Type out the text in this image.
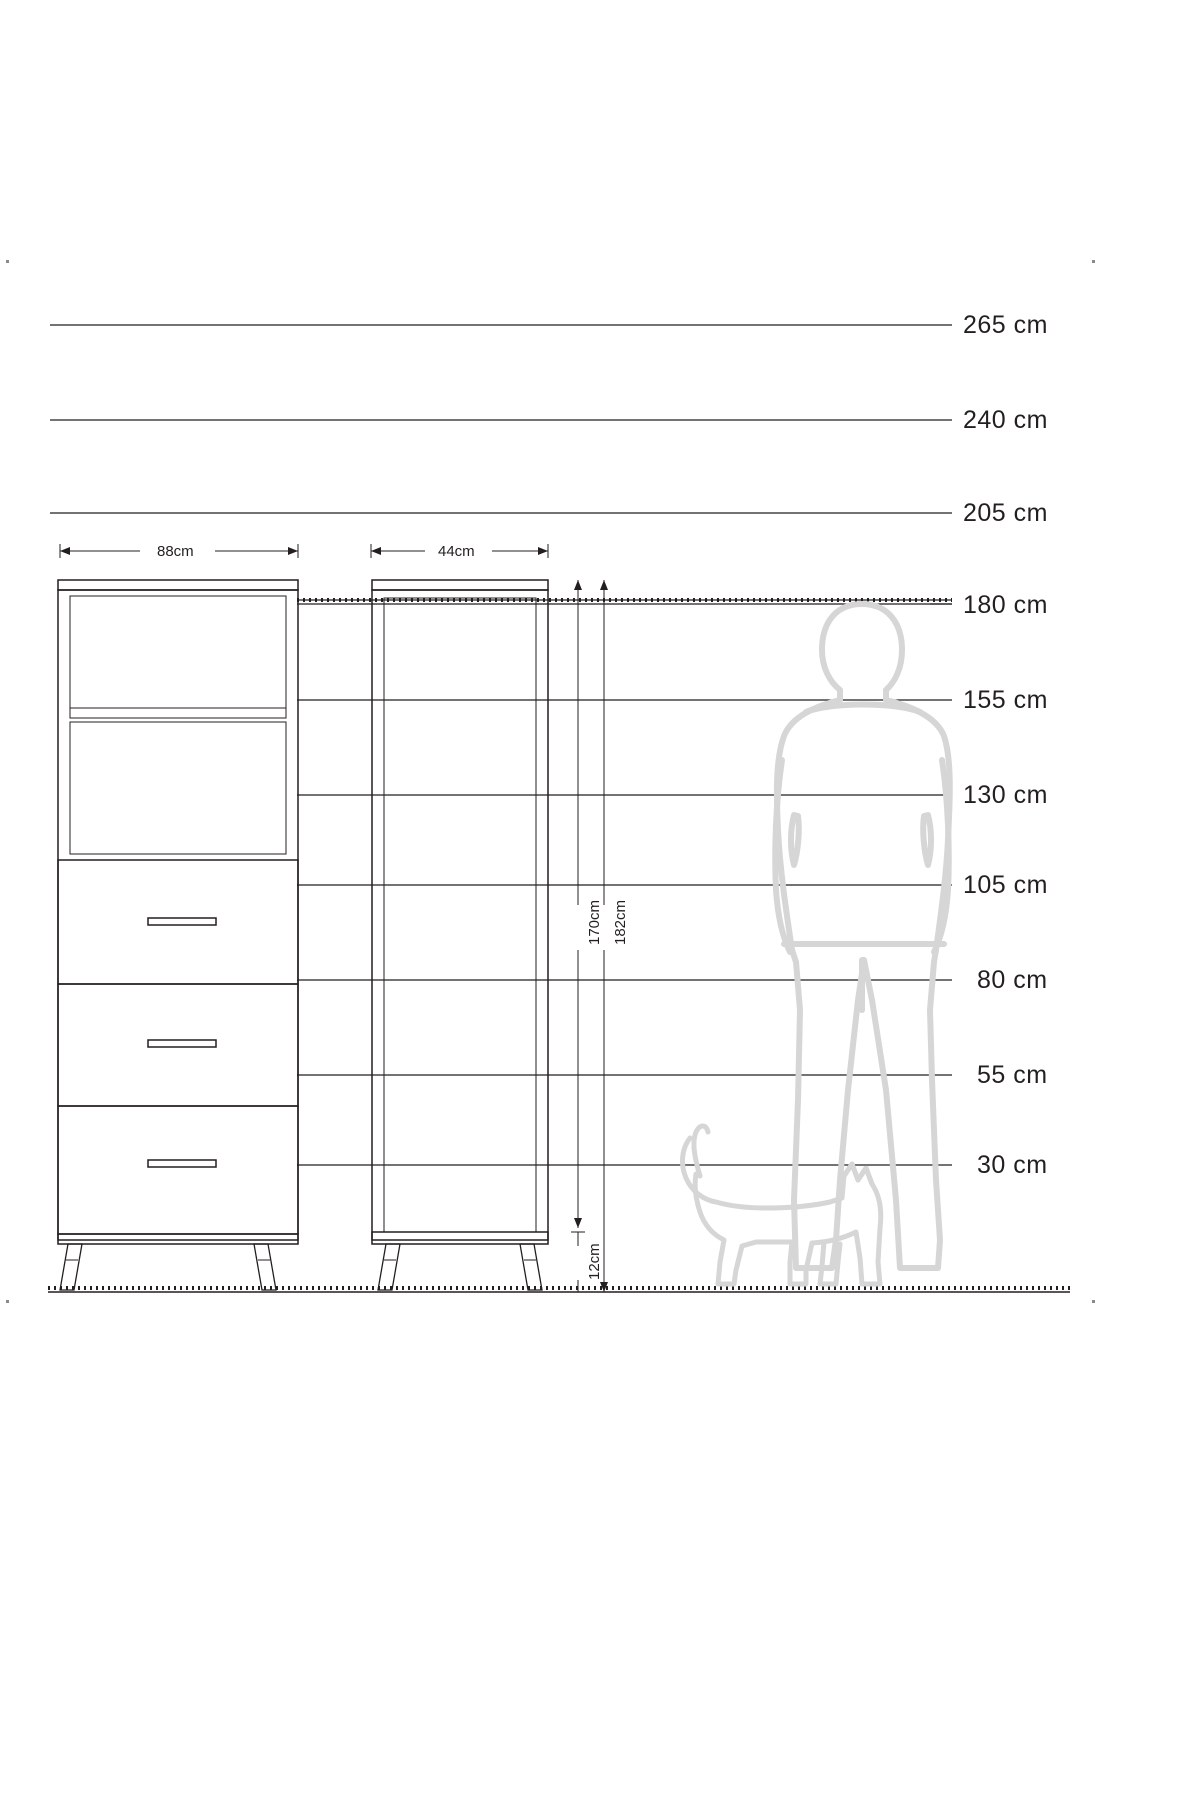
265 cm
240 cm
205 cm
180 cm
155 cm
130 cm
105 cm
80 cm
55 cm
30 cm
88cm	44cm
170cm 182cm
12cm
